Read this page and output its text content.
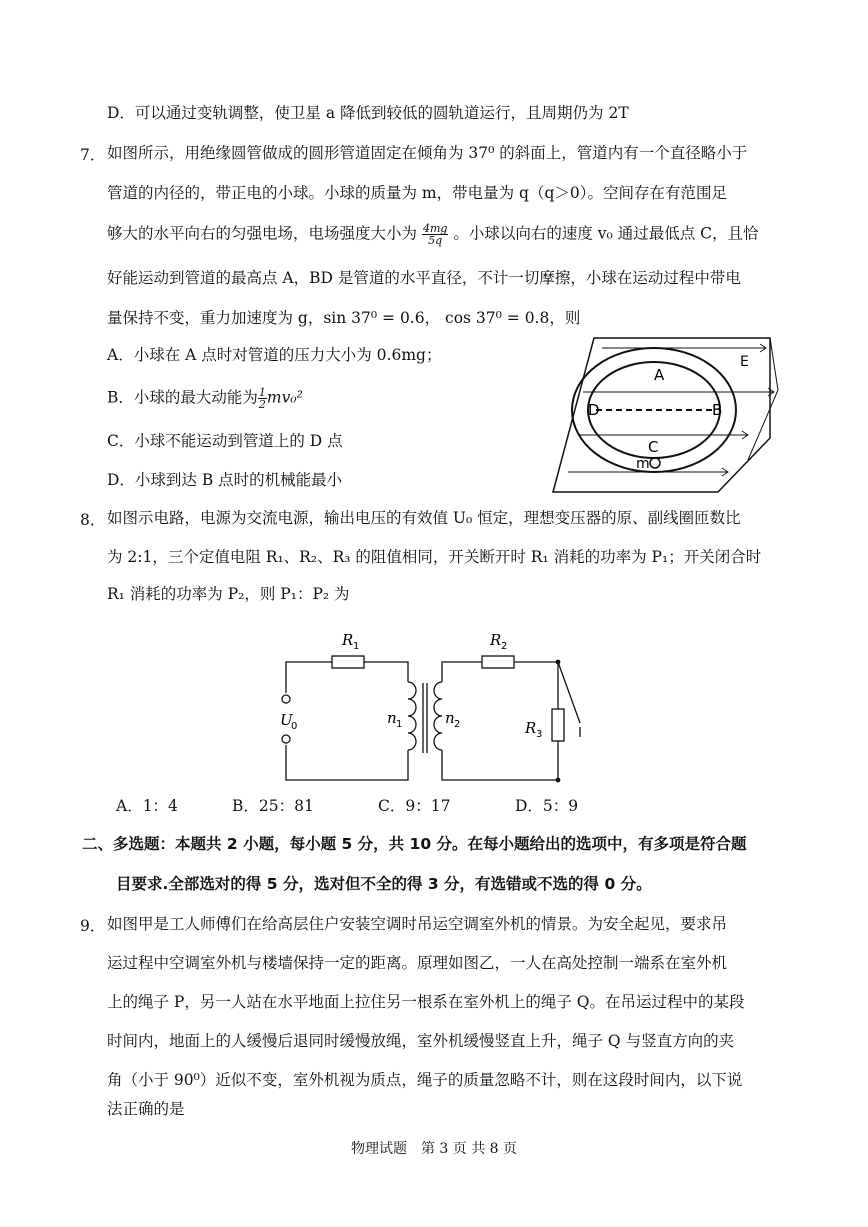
D．可以通过变轨调整，使卫星 a 降低到较低的圆轨道运行，且周期仍为 2T
7． 如图所示，用绝缘圆管做成的圆形管道固定在倾角为 37⁰ 的斜面上，管道内有一个直径略小于
管道的内径的，带正电的小球。小球的质量为 m，带电量为 q（q＞0）。空间存在有范围足
够大的水平向右的匀强电场，电场强度大小为 $\frac{4mg}{5q}$ 。小球以向右的速度 v₀ 通过最低点 C，且恰
好能运动到管道的最高点 A，BD 是管道的水平直径，不计一切摩擦，小球在运动过程中带电
量保持不变，重力加速度为 g，sin 37⁰ = 0.6， cos 37⁰ = 0.8，则
A．小球在 A 点时对管道的压力大小为 0.6mg；
B．小球的最大动能为 $\frac{1}{2} mv_0^2$
C．小球不能运动到管道上的 D 点
D．小球到达 B 点时的机械能最小
E
A
D	B
C
m
8． 如图示电路，电源为交流电源，输出电压的有效值 U₀ 恒定，理想变压器的原、副线圈匝数比
为 2:1，三个定值电阻 R₁、R₂、R₃ 的阻值相同，开关断开时 R₁ 消耗的功率为 P₁；开关闭合时
R₁ 消耗的功率为 P₂，则 P₁：P₂ 为
R 1	R 2
R 3
U
0	n 1	n 2
A．1：4	B．25：81	C．9：17	D．5：9
二、多选题：本题共 2 小题，每小题 5 分，共 10 分。在每小题给出的选项中，有多项是符合题
目要求.全部选对的得 5 分，选对但不全的得 3 分，有选错或不选的得 0 分。
9． 如图甲是工人师傅们在给高层住户安装空调时吊运空调室外机的情景。为安全起见，要求吊
运过程中空调室外机与楼墙保持一定的距离。原理如图乙，一人在高处控制一端系在室外机
上的绳子 P，另一人站在水平地面上拉住另一根系在室外机上的绳子 Q。在吊运过程中的某段
时间内，地面上的人缓慢后退同时缓慢放绳，室外机缓慢竖直上升，绳子 Q 与竖直方向的夹
角（小于 90⁰）近似不变，室外机视为质点，绳子的质量忽略不计，则在这段时间内，以下说
法正确的是
物理试题　第 3 页 共 8 页
